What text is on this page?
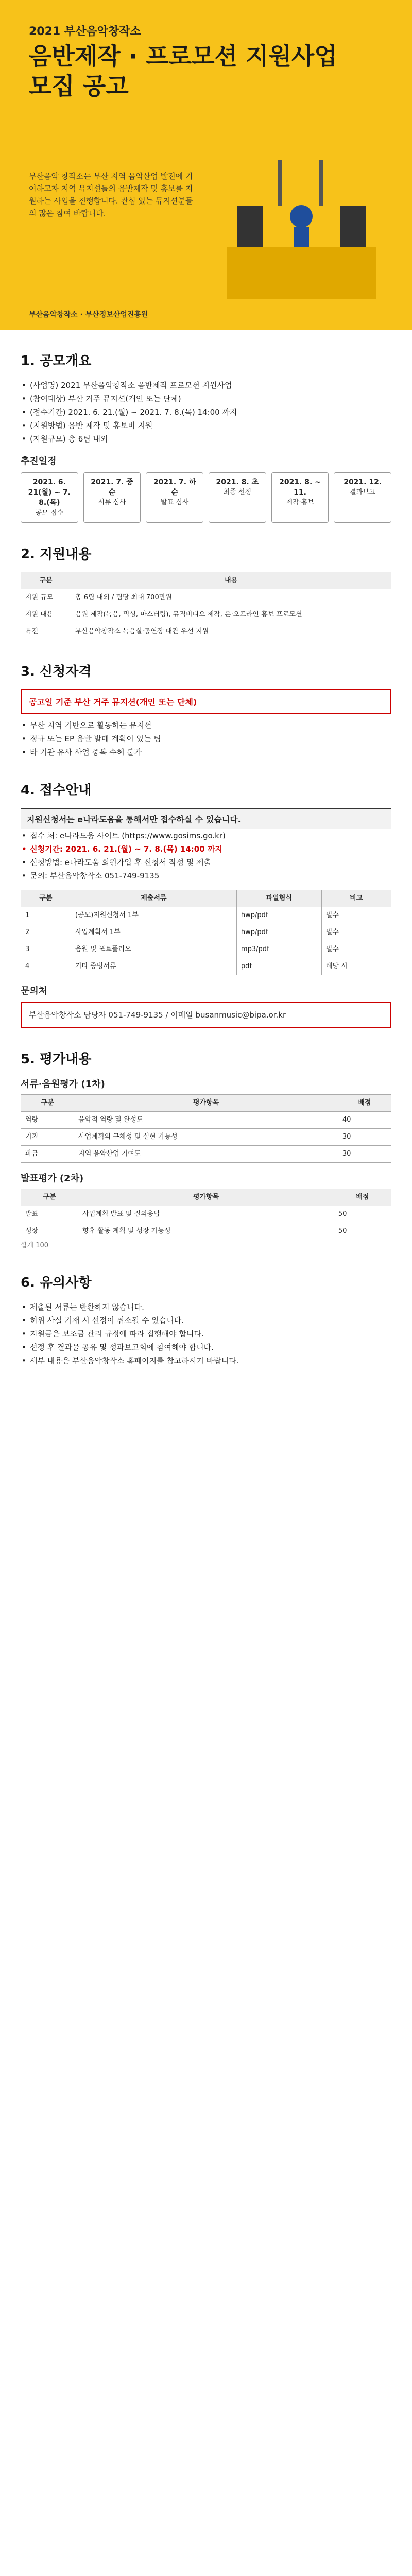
2021 부산음악창작소
음반제작 · 프로모션 지원사업
모집 공고
부산음악 창작소는 부산 지역 음악산업 발전에 기여하고자 지역 뮤지션들의 음반제작 및 홍보를 지원하는 사업을 진행합니다. 관심 있는 뮤지션분들의 많은 참여 바랍니다.
부산음악창작소 · 부산정보산업진흥원
1. 공모개요
• (사업명) 2021 부산음악창작소 음반제작 프로모션 지원사업
• (참여대상) 부산 거주 뮤지션(개인 또는 단체)
• (접수기간) 2021. 6. 21.(월) ~ 2021. 7. 8.(목) 14:00 까지
• (지원방법) 음반 제작 및 홍보비 지원
• (지원규모) 총 6팀 내외
추진일정
2021. 6. 21(월) ~ 7. 8.(목)
공모 접수
2021. 7. 중순
서류 심사
2021. 7. 하순
발표 심사
2021. 8. 초
최종 선정
2021. 8. ~ 11.
제작·홍보
2021. 12.
결과보고
2. 지원내용
구분	내용
지원 규모	총 6팀 내외 / 팀당 최대 700만원
지원 내용	음원 제작(녹음, 믹싱, 마스터링), 뮤직비디오 제작, 온·오프라인 홍보 프로모션
특전	부산음악창작소 녹음실·공연장 대관 우선 지원
3. 신청자격
공고일 기준 부산 거주 뮤지션(개인 또는 단체)
• 부산 지역 기반으로 활동하는 뮤지션
• 정규 또는 EP 음반 발매 계획이 있는 팀
• 타 기관 유사 사업 중복 수혜 불가
4. 접수안내
지원신청서는 e나라도움을 통해서만 접수하실 수 있습니다.
• 접수 처: e나라도움 사이트 (https://www.gosims.go.kr)
• 신청기간: 2021. 6. 21.(월) ~ 7. 8.(목) 14:00 까지
• 신청방법: e나라도움 회원가입 후 신청서 작성 및 제출
• 문의: 부산음악창작소 051-749-9135
구분	제출서류	파일형식	비고
1	(공모)지원신청서 1부	hwp/pdf	필수
2	사업계획서 1부	hwp/pdf	필수
3	음원 및 포트폴리오	mp3/pdf	필수
4	기타 증빙서류	pdf	해당 시
문의처
부산음악창작소 담당자 051-749-9135 / 이메일 busanmusic@bipa.or.kr
5. 평가내용
서류·음원평가 (1차)
구분	평가항목	배점
역량	음악적 역량 및 완성도	40
기획	사업계획의 구체성 및 실현 가능성	30
파급	지역 음악산업 기여도	30
발표평가 (2차)
구분	평가항목	배점
발표	사업계획 발표 및 질의응답	50
성장	향후 활동 계획 및 성장 가능성	50
합계 100
6. 유의사항
• 제출된 서류는 반환하지 않습니다.
• 허위 사실 기재 시 선정이 취소될 수 있습니다.
• 지원금은 보조금 관리 규정에 따라 집행해야 합니다.
• 선정 후 결과물 공유 및 성과보고회에 참여해야 합니다.
• 세부 내용은 부산음악창작소 홈페이지를 참고하시기 바랍니다.
